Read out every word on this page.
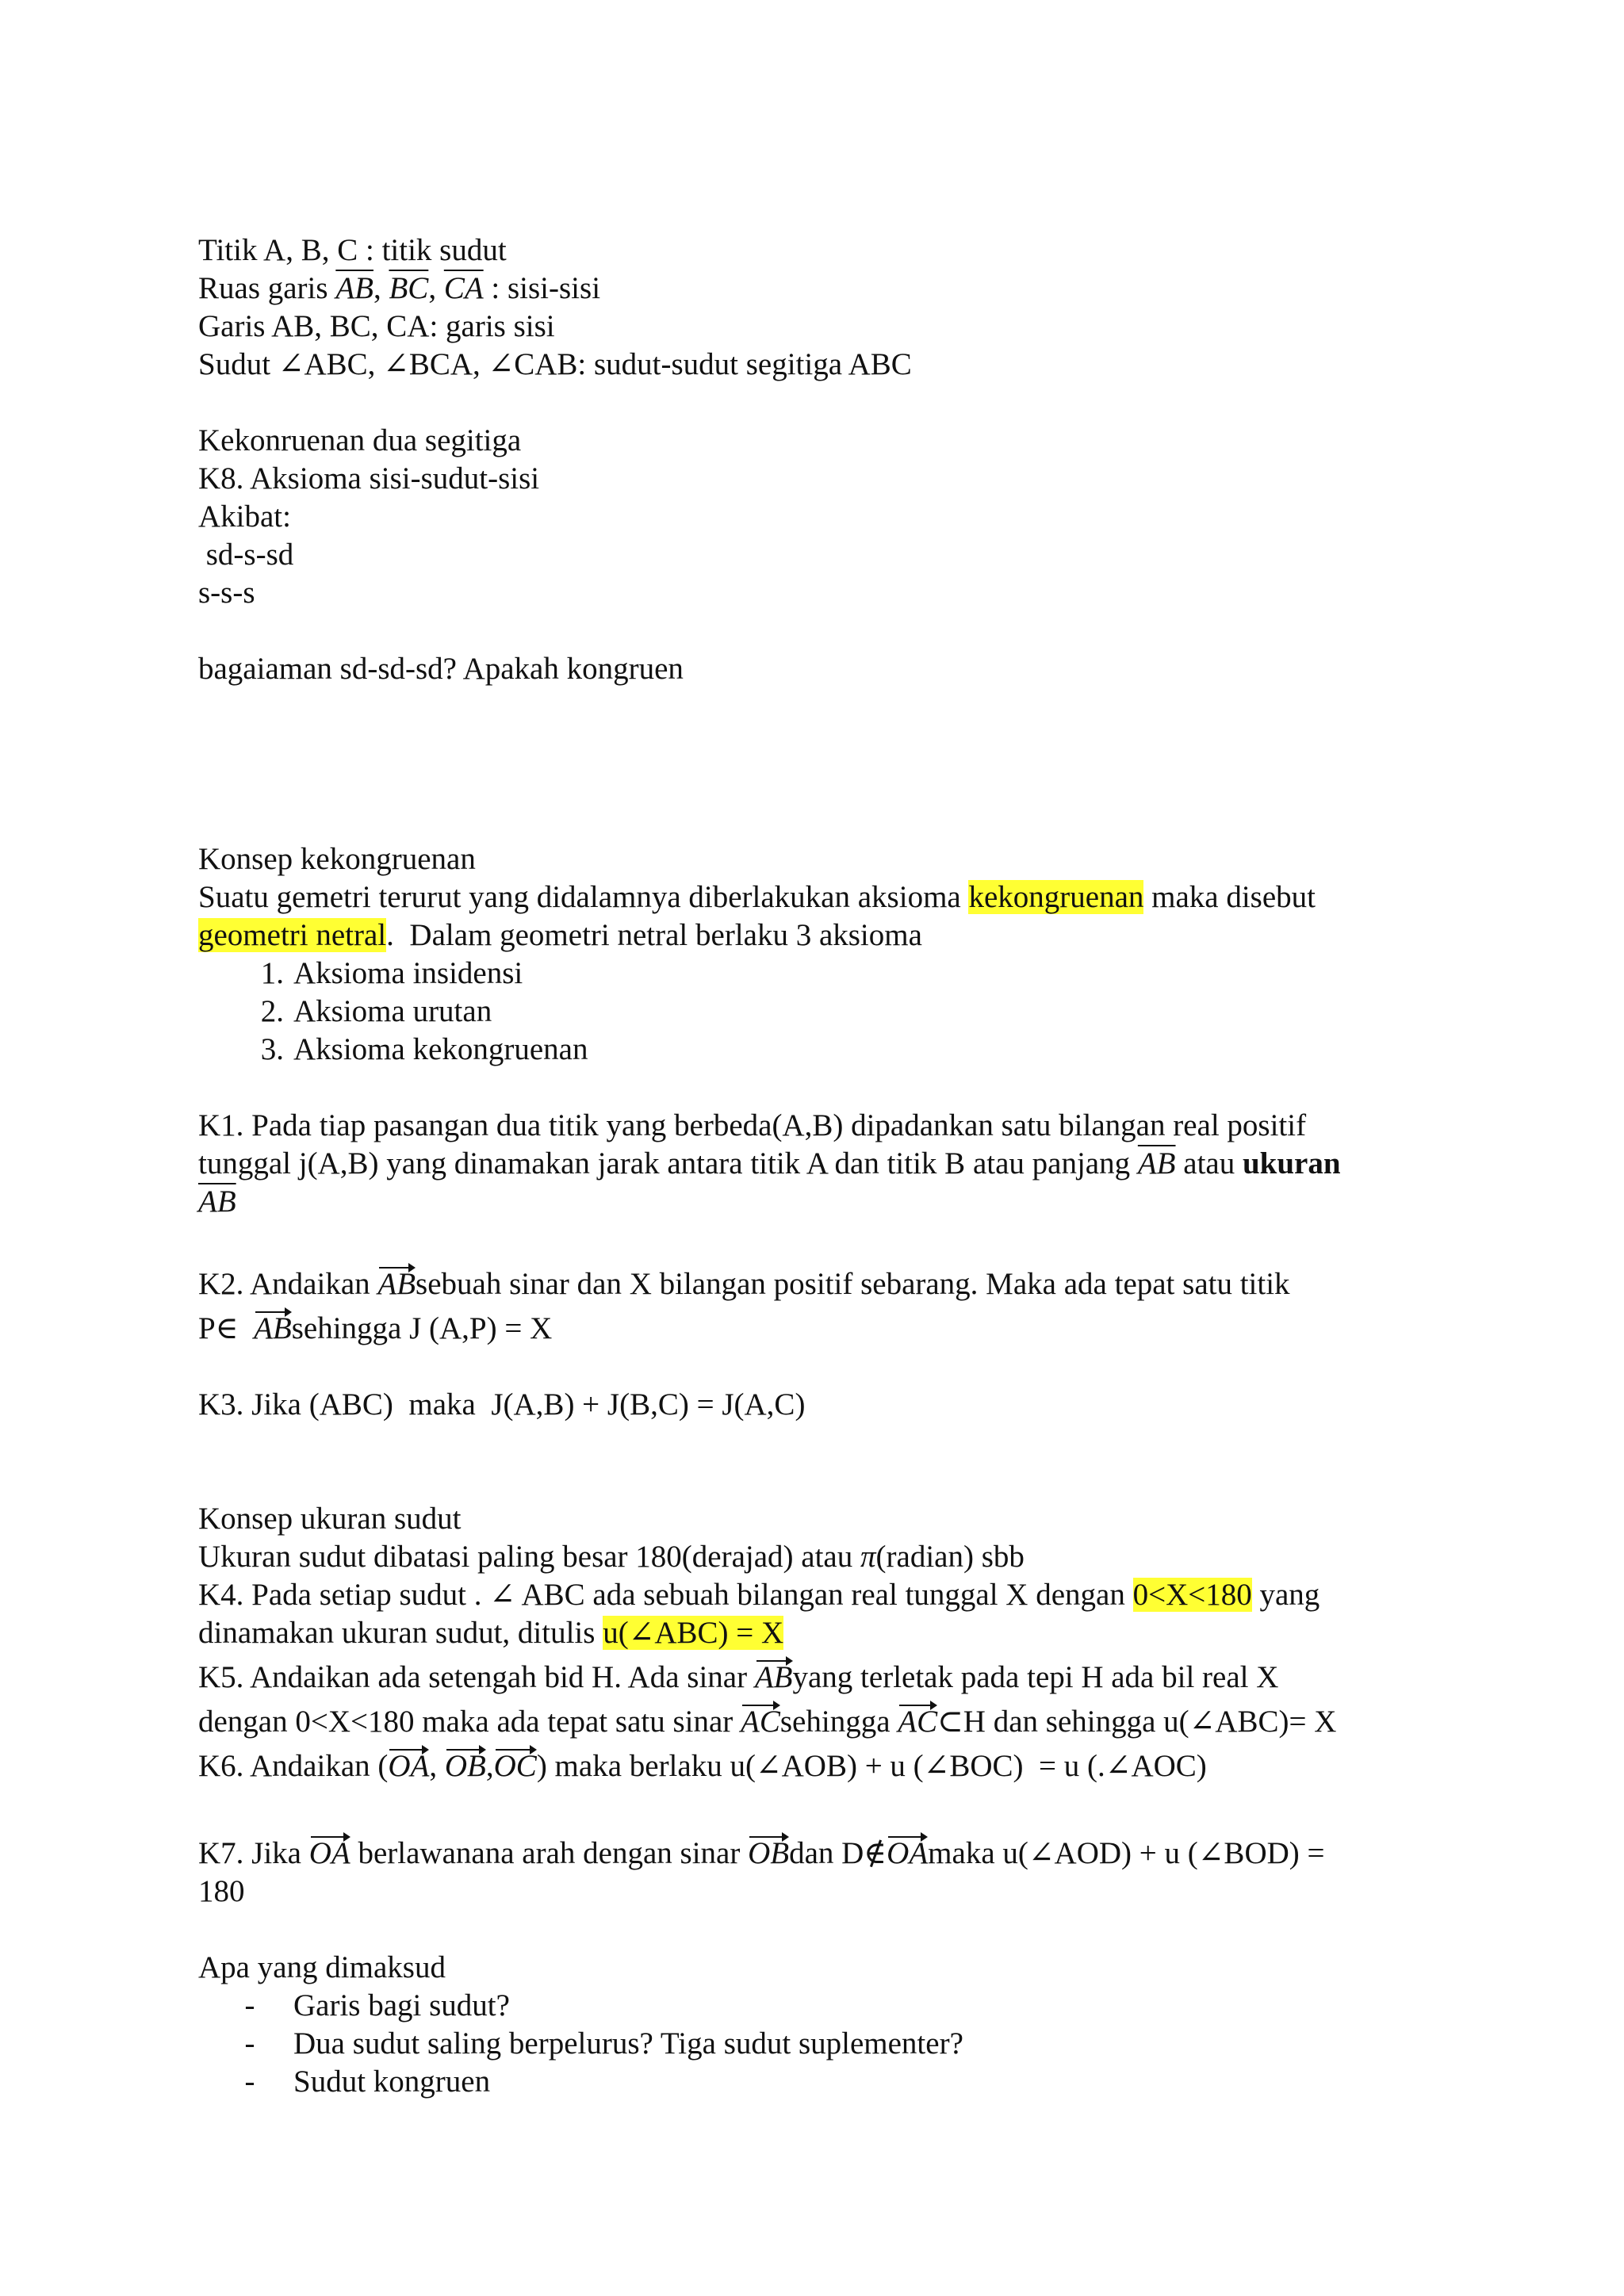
Titik A, B, C : titik sudut
Ruas garis $\overline{AB}$, $\overline{BC}$, $\overline{CA}$ : sisi-sisi
Garis AB, BC, CA: garis sisi
Sudut ∠ABC, ∠BCA, ∠CAB: sudut-sudut segitiga ABC
Kekonruenan dua segitiga
K8. Aksioma sisi-sudut-sisi
Akibat:
sd-s-sd
s-s-s
bagaiaman sd-sd-sd? Apakah kongruen
Konsep kekongruenan
Suatu gemetri terurut yang didalamnya diberlakukan aksioma kekongruenan maka disebut
geometri netral.  Dalam geometri netral berlaku 3 aksioma
1. Aksioma insidensi
2. Aksioma urutan
3. Aksioma kekongruenan
K1. Pada tiap pasangan dua titik yang berbeda(A,B) dipadankan satu bilangan real positif
tunggal j(A,B) yang dinamakan jarak antara titik A dan titik B atau panjang $\overline{AB}$ atau ukuran
$\overline{AB}$
K2. Andaikan ABsebuah sinar dan X bilangan positif sebarang. Maka ada tepat satu titik
P∈  ABsehingga J (A,P) = X
K3. Jika (ABC)  maka  J(A,B) + J(B,C) = J(A,C)
Konsep ukuran sudut
Ukuran sudut dibatasi paling besar 180(derajad) atau π(radian) sbb
K4. Pada setiap sudut . ∠ ABC ada sebuah bilangan real tunggal X dengan 0<X<180 yang
dinamakan ukuran sudut, ditulis u(∠ABC) = X
K5. Andaikan ada setengah bid H. Ada sinar AByang terletak pada tepi H ada bil real X
dengan 0<X<180 maka ada tepat satu sinar ACsehingga AC⊂H dan sehingga u(∠ABC)= X
K6. Andaikan (OA, OB,OC) maka berlaku u(∠AOB) + u (∠BOC)  = u (.∠AOC)
K7. Jika OA berlawanana arah dengan sinar OBdan D∉OAmaka u(∠AOD) + u (∠BOD) =
180
Apa yang dimaksud
-	Garis bagi sudut?
-	Dua sudut saling berpelurus? Tiga sudut suplementer?
-	Sudut kongruen
